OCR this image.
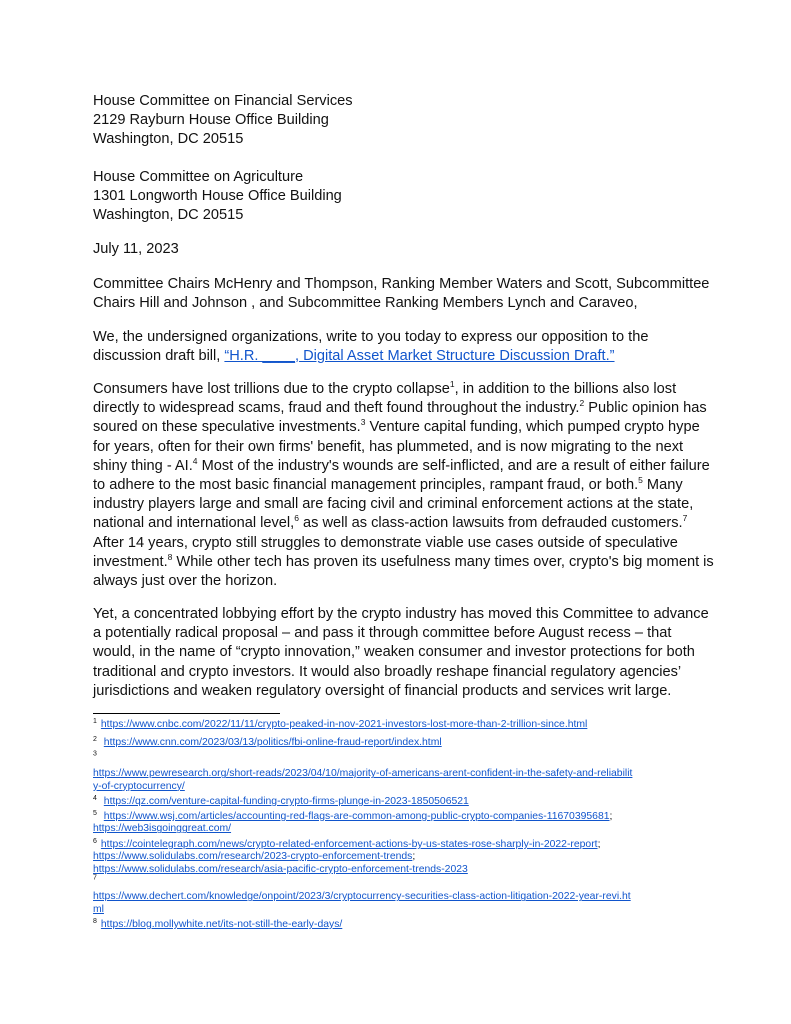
House Committee on Financial Services
2129 Rayburn House Office Building
Washington, DC 20515
House Committee on Agriculture
1301 Longworth House Office Building
Washington, DC 20515
July 11, 2023
Committee Chairs McHenry and Thompson, Ranking Member Waters and Scott, Subcommittee
Chairs Hill and Johnson , and Subcommittee Ranking Members Lynch and Caraveo,
We, the undersigned organizations, write to you today to express our opposition to the
discussion draft bill, “H.R. ____, Digital Asset Market Structure Discussion Draft.”

Consumers have lost trillions due to the crypto collapse$^1$, in addition to the billions also lost

directly to widespread scams, fraud and theft found throughout the industry.$^2$ Public opinion has

soured on these speculative investments.$^3$ Venture capital funding, which pumped crypto hype

for years, often for their own firms' benefit, has plummeted, and is now migrating to the next

shiny thing - AI.$^4$ Most of the industry's wounds are self-inflicted, and are a result of either failure

to adhere to the most basic financial management principles, rampant fraud, or both.$^5$ Many

industry players large and small are facing civil and criminal enforcement actions at the state,

national and international level,$^6$ as well as class-action lawsuits from defrauded customers.$^7$

After 14 years, crypto still struggles to demonstrate viable use cases outside of speculative

investment.$^8$ While other tech has proven its usefulness many times over, crypto's big moment is

always just over the horizon.

Yet, a concentrated lobbying effort by the crypto industry has moved this Committee to advance

a potentially radical proposal – and pass it through committee before August recess – that

would, in the name of “crypto innovation,” weaken consumer and investor protections for both

traditional and crypto investors. It would also broadly reshape financial regulatory agencies’

jurisdictions and weaken regulatory oversight of financial products and services writ large.

$^1$ https://www.cnbc.com/2022/11/11/crypto-peaked-in-nov-2021-investors-lost-more-than-2-trillion-since.html
$^2$ https://www.cnn.com/2023/03/13/politics/fbi-online-fraud-report/index.html
$^3$
https://www.pewresearch.org/short-reads/2023/04/10/majority-of-americans-arent-confident-in-the-safety-and-reliabilit
y-of-cryptocurrency/
$^4$ https://qz.com/venture-capital-funding-crypto-firms-plunge-in-2023-1850506521
$^5$ https://www.wsj.com/articles/accounting-red-flags-are-common-among-public-crypto-companies-11670395681;
https://web3isgoinggreat.com/
$^6$ https://cointelegraph.com/news/crypto-related-enforcement-actions-by-us-states-rose-sharply-in-2022-report;
https://www.solidulabs.com/research/2023-crypto-enforcement-trends;
https://www.solidulabs.com/research/asia-pacific-crypto-enforcement-trends-2023
$^7$
https://www.dechert.com/knowledge/onpoint/2023/3/cryptocurrency-securities-class-action-litigation-2022-year-revi.ht
ml
$^8$ https://blog.mollywhite.net/its-not-still-the-early-days/
